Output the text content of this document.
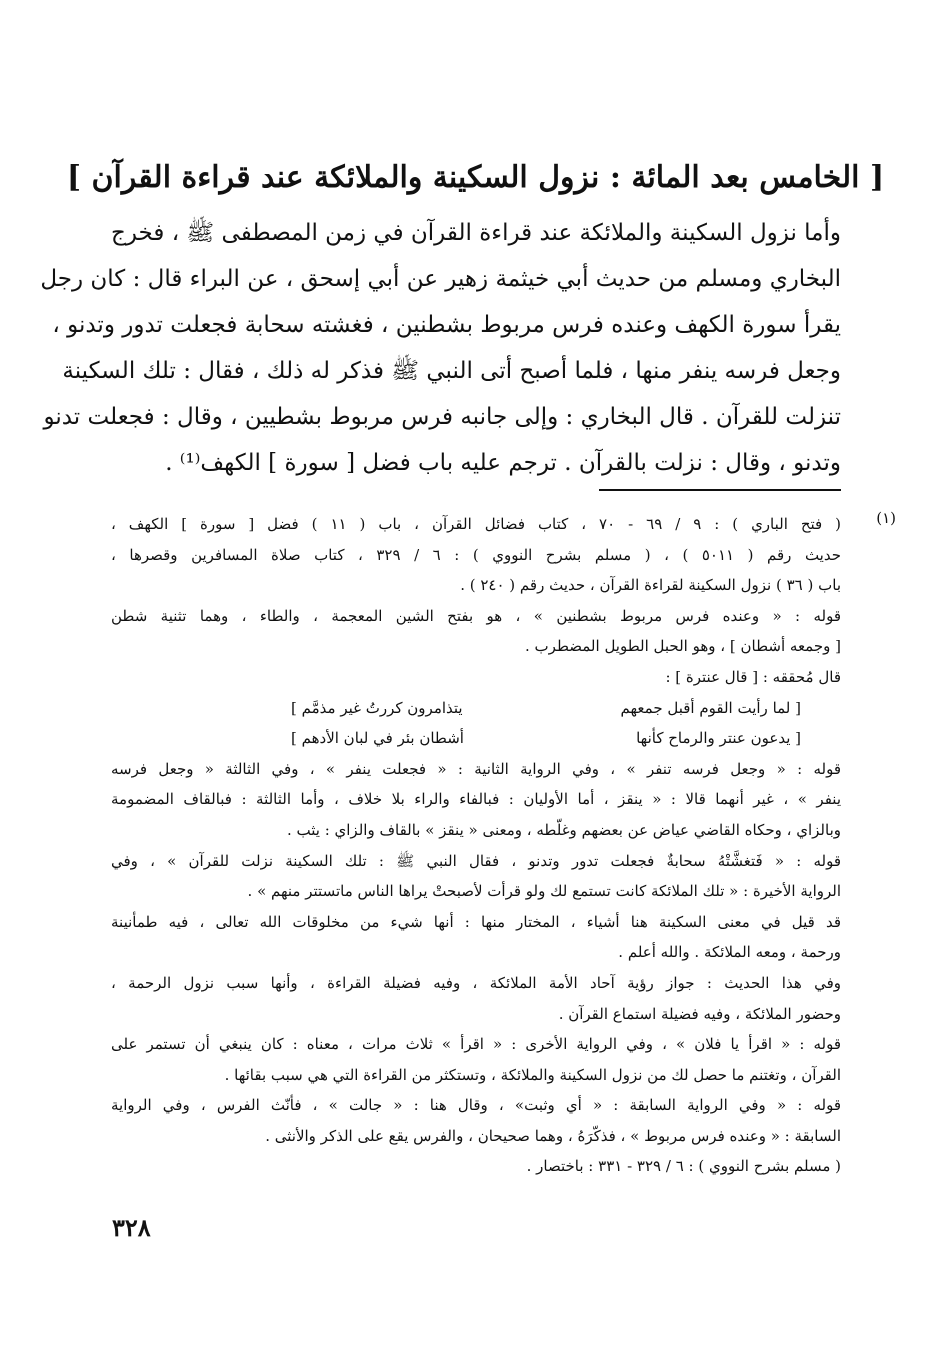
[ الخامس بعد المائة : نزول السكينة والملائكة عند قراءة القرآن ]
وأما نزول السكينة والملائكة عند قراءة القرآن في زمن المصطفى ﷺ ، فخرج
البخاري ومسلم من حديث أبي خيثمة زهير عن أبي إسحق ، عن البراء قال : كان رجل
يقرأ سورة الكهف وعنده فرس مربوط بشطنين ، فغشته سحابة فجعلت تدور وتدنو ،
وجعل فرسه ينفر منها ، فلما أصبح أتى النبي ﷺ فذكر له ذلك ، فقال : تلك السكينة
تنزلت للقرآن . قال البخاري : وإلى جانبه فرس مربوط بشطيين ، وقال : فجعلت تدنو
وتدنو ، وقال : نزلت بالقرآن . ترجم عليه باب فضل [ سورة ] الكهف⁽¹⁾ .
(١)
( فتح الباري ) : ٩ / ٦٩ - ٧٠ ، كتاب فضائل القرآن ، باب ( ١١ ) فضل [ سورة ] الكهف ،
حديث رقم ( ٥٠١١ ) ، ( مسلم بشرح النووي ) : ٦ / ٣٢٩ ، كتاب صلاة المسافرين وقصرها ،
باب ( ٣٦ ) نزول السكينة لقراءة القرآن ، حديث رقم ( ٢٤٠ ) .
قوله : « وعنده فرس مربوط بشطنين » ، هو بفتح الشين المعجمة ، والطاء ، وهما تثنية شطن
[ وجمعه أشطان ] ، وهو الحبل الطويل المضطرب .
قال مُحققه : [ قال عنترة ] :
[ لما رأيت القوم أقبل جمعهم
يتذامرون كررتُ غير مذمَّم ]
[ يدعون عنتر والرماح كأنها
أشطان بئر في لبان الأدهم ]
قوله : « وجعل فرسه تنفر » ، وفي الرواية الثانية : « فجعلت ينفر » ، وفي الثالثة « وجعل فرسه
ينفر » ، غير أنهما قالا : « ينقز ، أما الأوليان : فبالفاء والراء بلا خلاف ، وأما الثالثة : فبالقاف المضمومة
وبالزاي ، وحكاه القاضي عياض عن بعضهم وغلّطه ، ومعنى « ينقز » بالقاف والزاي : يثب .
قوله : « فَتغشَّتْهُ سحابةٌ فجعلت تدور وتدنو ، فقال النبي ﷺ : تلك السكينة نزلت للقرآن » ، وفي
الرواية الأخيرة : « تلك الملائكة كانت تستمع لك ولو قرأت لأصبحتْ يراها الناس ماتستتر منهم » .
قد قيل في معنى السكينة هنا أشياء ، المختار منها : أنها شيء من مخلوقات الله تعالى ، فيه طمأنينة
ورحمة ، ومعه الملائكة . والله أعلم .
وفي هذا الحديث : جواز رؤية آحاد الأمة الملائكة ، وفيه فضيلة القراءة ، وأنها سبب نزول الرحمة ،
وحضور الملائكة ، وفيه فضيلة استماع القرآن .
قوله : « اقرأ يا فلان » ، وفي الرواية الأخرى : « اقرأ » ثلاث مرات ، معناه : كان ينبغي أن تستمر على
القرآن ، وتغتنم ما حصل لك من نزول السكينة والملائكة ، وتستكثر من القراءة التي هي سبب بقائها .
قوله : « وفي الرواية السابقة : « أي وثبت» ، وقال هنا : « جالت » ، فأنّث الفرس ، وفي الرواية
السابقة : « وعنده فرس مربوط » ، فذكّرَهُ ، وهما صحيحان ، والفرس يقع على الذكر والأنثى .
( مسلم بشرح النووي ) : ٦ / ٣٢٩ - ٣٣١ : باختصار .
٣٢٨
